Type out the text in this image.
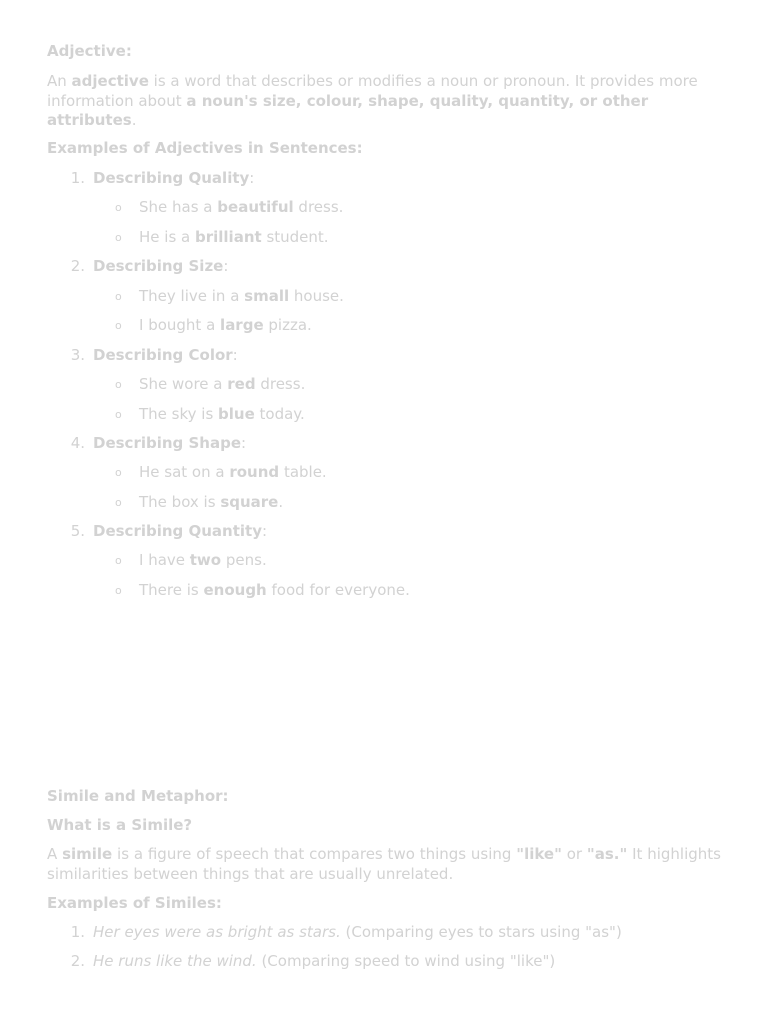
Adjective:
An adjective is a word that describes or modifies a noun or pronoun. It provides more information about a noun's size, colour, shape, quality, quantity, or other attributes.
Examples of Adjectives in Sentences:
1. Describing Quality:
o She has a beautiful dress.
o He is a brilliant student.
2. Describing Size:
o They live in a small house.
o I bought a large pizza.
3. Describing Color:
o She wore a red dress.
o The sky is blue today.
4. Describing Shape:
o He sat on a round table.
o The box is square.
5. Describing Quantity:
o I have two pens.
o There is enough food for everyone.
Simile and Metaphor:
What is a Simile?
A simile is a figure of speech that compares two things using "like" or "as." It highlights similarities between things that are usually unrelated.
Examples of Similes:
1. Her eyes were as bright as stars. (Comparing eyes to stars using "as")
2. He runs like the wind. (Comparing speed to wind using "like")
